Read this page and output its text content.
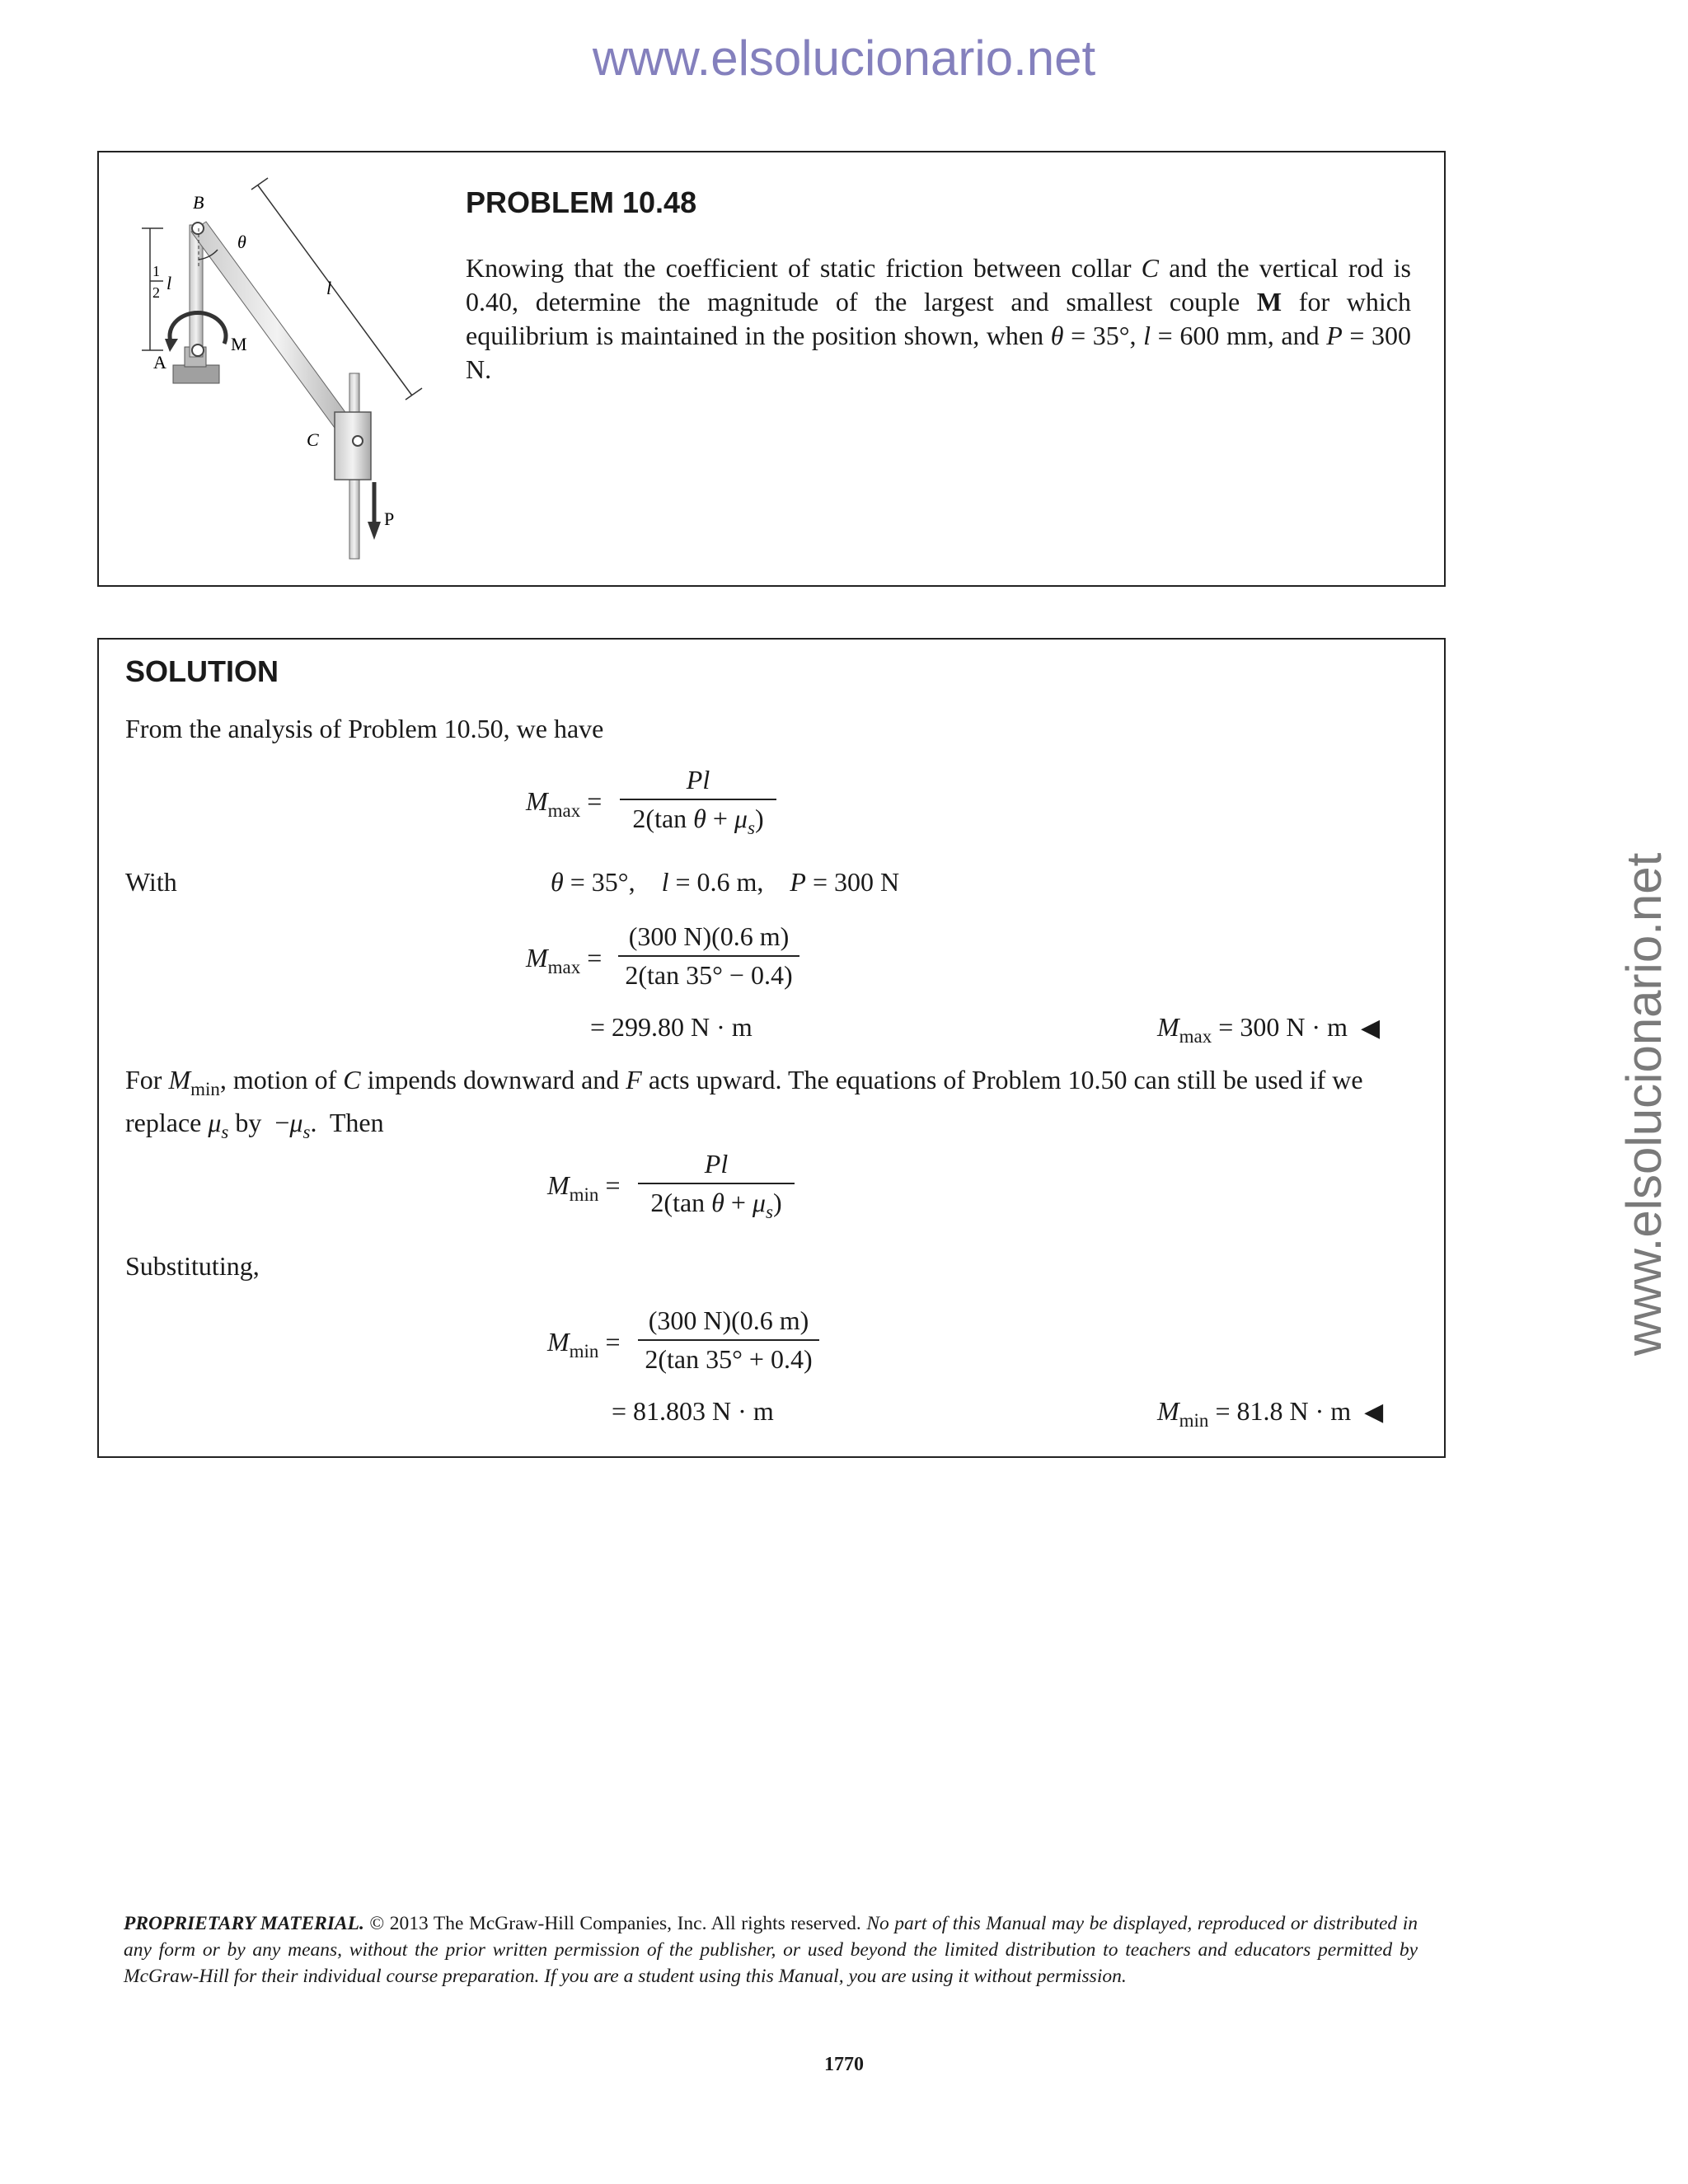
www.elsolucionario.net
www.elsolucionario.net
B
θ
1
2 l	l
M
A
C
P
PROBLEM 10.48
Knowing that the coefficient of static friction between collar C and the vertical rod is 0.40, determine the magnitude of the largest and smallest couple M for which equilibrium is maintained in the position shown, when θ = 35°, l = 600 mm, and P = 300 N.
SOLUTION
From the analysis of Problem 10.50, we have
$M_{max} = \frac{Pl}{2(\tan \theta + \mu_s)}$
With	θ = 35°,    l = 0.6 m,    P = 300 N
$M_{max} = \frac{(300 N)(0.6 m)}{2(\tan 35^\circ - 0.4)}$
= 299.80 N · m	$M_{max} = 300$ N · m ◀
For $M_{min}$, motion of C impends downward and F acts upward. The equations of Problem 10.50 can still be used if we replace $\mu_s$ by  $-\mu_s$.  Then
$M_{min} = \frac{Pl}{2(\tan \theta + \mu_s)}$
Substituting,
$M_{min} = \frac{(300 N)(0.6 m)}{2(\tan 35^\circ + 0.4)}$
= 81.803 N · m	$M_{min} = 81.8$ N · m ◀
PROPRIETARY MATERIAL. © 2013 The McGraw-Hill Companies, Inc. All rights reserved. No part of this Manual may be displayed, reproduced or distributed in any form or by any means, without the prior written permission of the publisher, or used beyond the limited distribution to teachers and educators permitted by McGraw-Hill for their individual course preparation. If you are a student using this Manual, you are using it without permission.
1770
